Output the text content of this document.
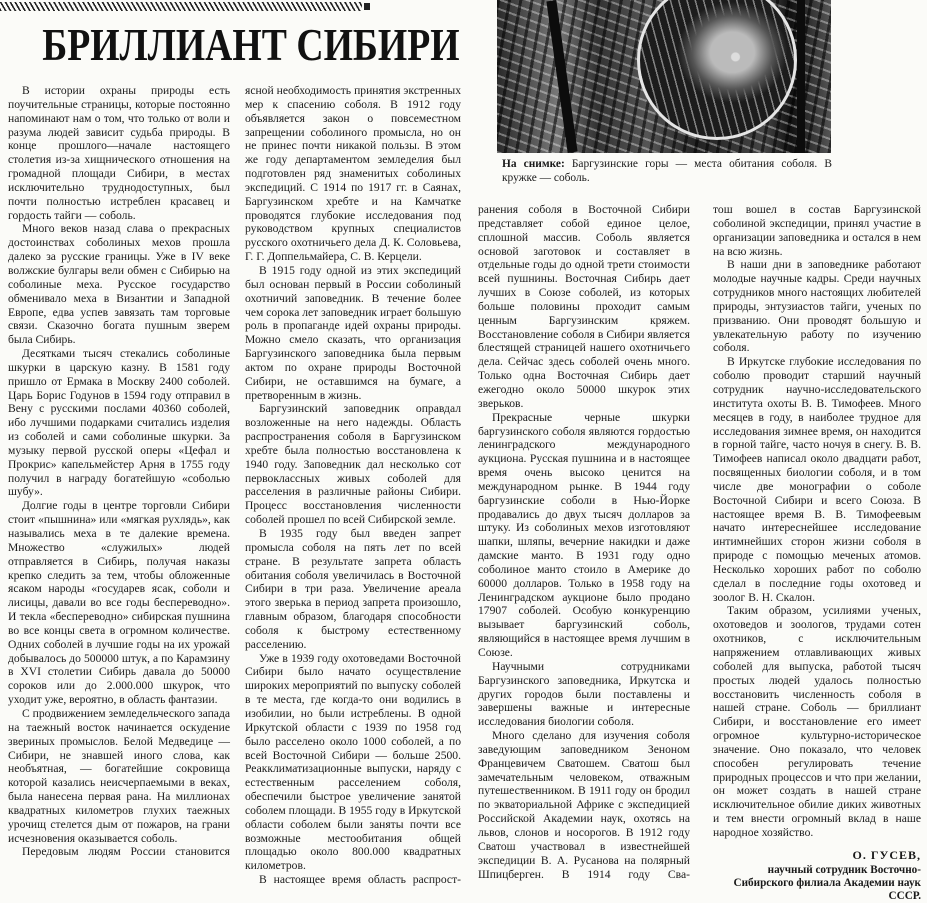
БРИЛЛИАНТ СИБИРИ

В истории охраны природы есть поучительные страницы, которые постоянно напоминают нам о том, что только от воли и разума людей зависит судьба природы. В конце прошлого—начале настоящего столетия из-за хищнического отношения на громадной площади Сибири, в местах исключительно труднодоступных, был почти полностью истреблен красавец и гордость тайги — соболь.

Много веков назад слава о прекрасных достоинствах соболиных мехов прошла далеко за русские границы. Уже в IV веке волжские булгары вели обмен с Сибирью на соболиные меха. Русское государство обменивало меха в Византии и Западной Европе, едва успев завязать там торговые связи. Сказочно богата пушным зверем была Сибирь.

Десятками тысяч стекались соболиные шкурки в царскую казну. В 1581 году пришло от Ермака в Москву 2400 соболей. Царь Борис Годунов в 1594 году отправил в Вену с русскими послами 40360 соболей, ибо лучшими подарками считались изделия из соболей и сами соболиные шкурки. За музыку первой русской оперы «Цефал и Прокрис» капельмейстер Арня в 1755 году получил в награду богатейшую «соболью шубу».

Долгие годы в центре торговли Сибири стоит «пышнина» или «мягкая рухлядь», как назывались меха в те далекие времена. Множество «служилых» людей отправляется в Сибирь, получая наказы крепко следить за тем, чтобы обложенные ясаком народы «государев ясак, соболи и лисицы, давали во все годы беспереводно». И текла «беспереводно» сибирская пушнина во все концы света в огромном количестве. Одних соболей в лучшие годы на их урожай добывалось до 500000 штук, а по Карамзину в XVI столетии Сибирь давала до 50000 сороков или до 2.000.000 шкурок, что уходит уже, вероятно, в область фантазии.

С продвижением земледельческого запада на таежный восток начинается оскудение звериных промыслов. Белой Медведице — Сибири, не знавшей иного слова, как необъятная, — богатейшие сокровища которой казались неисчерпаемыми в веках, была нанесена первая рана. На миллионах квадратных километров глухих таежных урочищ стелется дым от пожаров, на грани исчезновения оказывается соболь.

Передовым людям России становится

ясной необходимость принятия экстренных мер к спасению соболя. В 1912 году объявляется закон о повсеместном запрещении соболиного промысла, но он не принес почти никакой пользы. В этом же году департаментом земледелия был подготовлен ряд знаменитых соболиных экспедиций. С 1914 по 1917 гг. в Саянах, Баргузинском хребте и на Камчатке проводятся глубокие исследования под руководством крупных специалистов русского охотничьего дела Д. К. Соловьева, Г. Г. Доппельмайера, С. В. Керцели.

В 1915 году одной из этих экспедиций был основан первый в России соболиный охотничий заповедник. В течение более чем сорока лет заповедник играет большую роль в пропаганде идей охраны природы. Можно смело сказать, что организация Баргузинского заповедника была первым актом по охране природы Восточной Сибири, не оставшимся на бумаге, а претворенным в жизнь.

Баргузинский заповедник оправдал возложенные на него надежды. Область распространения соболя в Баргузинском хребте была полностью восстановлена к 1940 году. Заповедник дал несколько сот первоклассных живых соболей для расселения в различные районы Сибири. Процесс восстановления численности соболей прошел по всей Сибирской земле.

В 1935 году был введен запрет промысла соболя на пять лет по всей стране. В результате запрета область обитания соболя увеличилась в Восточной Сибири в три раза. Увеличение ареала этого зверька в период запрета произошло, главным образом, благодаря способности соболя к быстрому естественному расселению.

Уже в 1939 году охотоведами Восточной Сибири было начато осуществление широких мероприятий по выпуску соболей в те места, где когда-то они водились в изобилии, но были истреблены. В одной Иркутской области с 1939 по 1958 год было расселено около 1000 соболей, а по всей Восточной Сибири — больше 2500. Реакклиматизационные выпуски, наряду с естественным расселением соболя, обеспечили быстрое увеличение занятой соболем площади. В 1955 году в Иркутской области соболем были заняты почти все возможные местообитания общей площадью около 800.000 квадратных километров.

В настоящее время область распрост-

На снимке: Баргузинские горы — места обитания соболя. В кружке — соболь.

ранения соболя в Восточной Сибири представляет собой единое целое, сплошной массив. Соболь является основой заготовок и составляет в отдельные годы до одной трети стоимости всей пушнины. Восточная Сибирь дает лучших в Союзе соболей, из которых больше половины проходит самым ценным Баргузинским кряжем. Восстановление соболя в Сибири является блестящей страницей нашего охотничьего дела. Сейчас здесь соболей очень много. Только одна Восточная Сибирь дает ежегодно около 50000 шкурок этих зверьков.

Прекрасные черные шкурки баргузинского соболя являются гордостью ленинградского международного аукциона. Русская пушнина и в настоящее время очень высоко ценится на международном рынке. В 1944 году баргузинские соболи в Нью-Йорке продавались до двух тысяч долларов за штуку. Из соболиных мехов изготовляют шапки, шляпы, вечерние накидки и даже дамские манто. В 1931 году одно соболиное манто стоило в Америке до 60000 долларов. Только в 1958 году на Ленинградском аукционе было продано 17907 соболей. Особую конкуренцию вызывает баргузинский соболь, являющийся в настоящее время лучшим в Союзе.

Научными сотрудниками Баргузинского заповедника, Иркутска и других городов были поставлены и завершены важные и интересные исследования биологии соболя.

Много сделано для изучения соболя заведующим заповедником Зеноном Францевичем Сватошем. Сватош был замечательным человеком, отважным путешественником. В 1911 году он бродил по экваториальной Африке с экспедицией Российской Академии наук, охотясь на львов, слонов и носорогов. В 1912 году Сватош участвовал в известнейшей экспедиции В. А. Русанова на полярный Шпицберген. В 1914 году Сва-

тош вошел в состав Баргузинской соболиной экспедиции, принял участие в организации заповедника и остался в нем на всю жизнь.

В наши дни в заповеднике работают молодые научные кадры. Среди научных сотрудников много настоящих любителей природы, энтузиастов тайги, ученых по призванию. Они проводят большую и увлекательную работу по изучению соболя.

В Иркутске глубокие исследования по соболю проводит старший научный сотрудник научно-исследовательского института охоты В. В. Тимофеев. Много месяцев в году, в наиболее трудное для исследования зимнее время, он находится в горной тайге, часто ночуя в снегу. В. В. Тимофеев написал около двадцати работ, посвященных биологии соболя, и в том числе две монографии о соболе Восточной Сибири и всего Союза. В настоящее время В. В. Тимофеевым начато интереснейшее исследование интимнейших сторон жизни соболя в природе с помощью меченых атомов. Несколько хороших работ по соболю сделал в последние годы охотовед и зоолог В. Н. Скалон.

Таким образом, усилиями ученых, охотоведов и зоологов, трудами сотен охотников, с исключительным напряжением отлавливающих живых соболей для выпуска, работой тысяч простых людей удалось полностью восстановить численность соболя в нашей стране. Соболь — бриллиант Сибири, и восстановление его имеет огромное культурно-историческое значение. Оно показало, что человек способен регулировать течение природных процессов и что при желании, он может создать в нашей стране исключительное обилие диких животных и тем внести огромный вклад в наше народное хозяйство.

О. ГУСЕВ,
научный сотрудник Восточно-Сибирского филиала Академии наук СССР.
